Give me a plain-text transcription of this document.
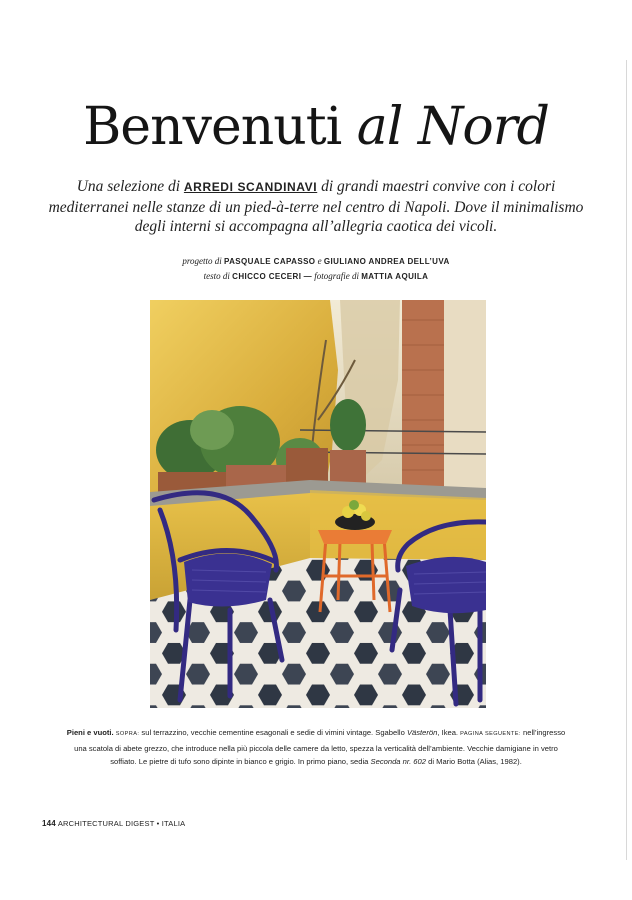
Benvenuti al Nord
Una selezione di ARREDI SCANDINAVI di grandi maestri convive con i colori mediterranei nelle stanze di un pied-à-terre nel centro di Napoli. Dove il minimalismo degli interni si accompagna all’allegria caotica dei vicoli.
progetto di PASQUALE CAPASSO e GIULIANO ANDREA DELL’UVA
testo di CHICCO CECERI — fotografie di MATTIA AQUILA
Pieni e vuoti. SOPRA: sul terrazzino, vecchie cementine esagonali e sedie di vimini vintage. Sgabello Västerön, Ikea. PAGINA SEGUENTE: nell’ingresso una scatola di abete grezzo, che introduce nella più piccola delle camere da letto, spezza la verticalità dell’ambiente. Vecchie damigiane in vetro soffiato. Le pietre di tufo sono dipinte in bianco e grigio. In primo piano, sedia Seconda nr. 602 di Mario Botta (Alias, 1982).
144 ARCHITECTURAL DIGEST • ITALIA
